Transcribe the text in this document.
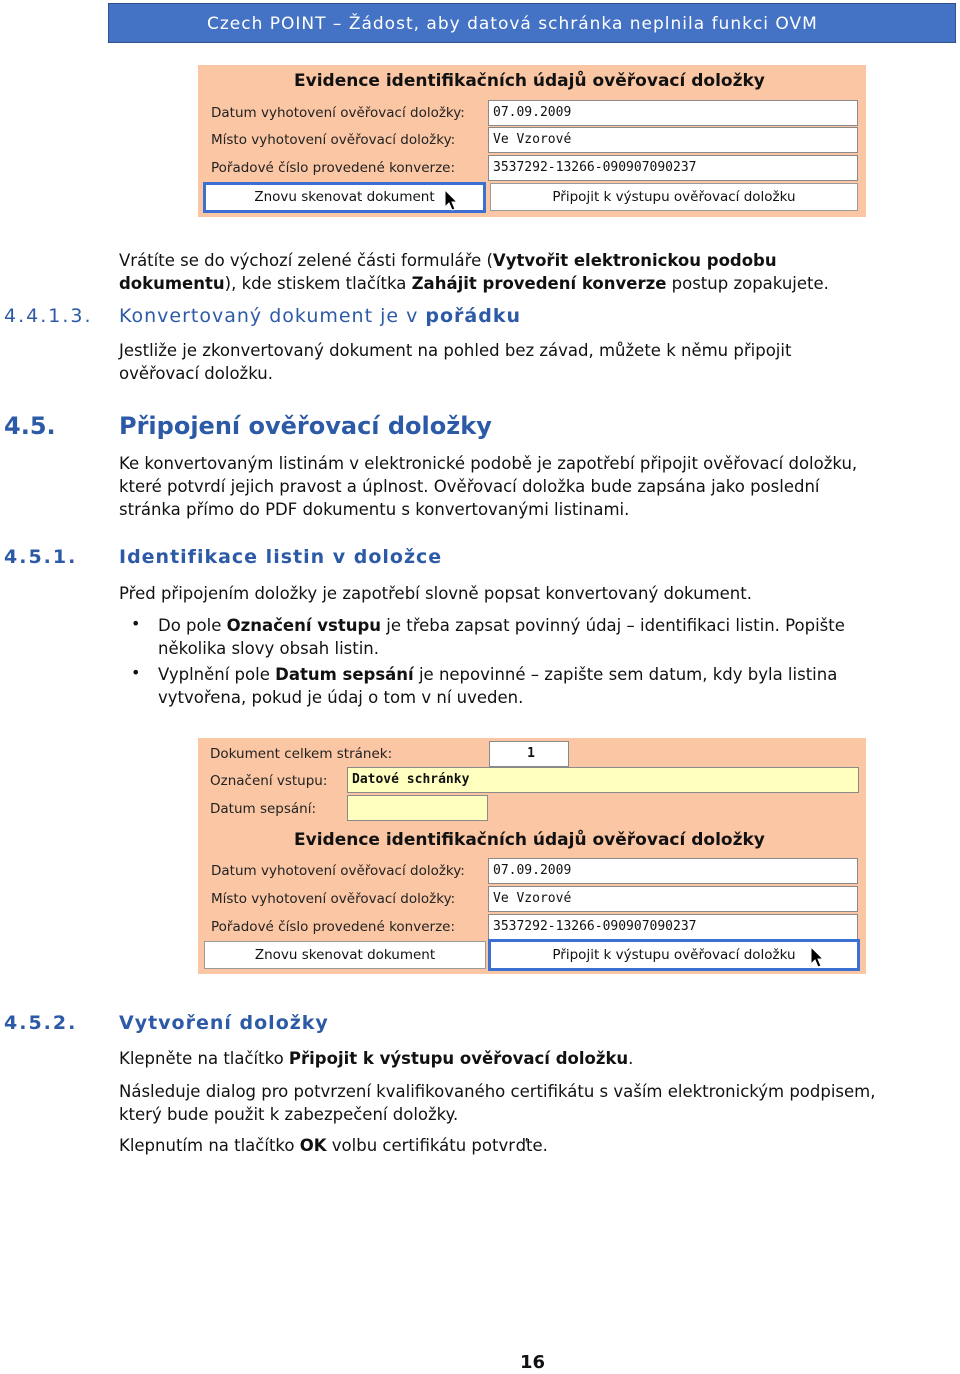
Czech POINT – Žádost, aby datová schránka neplnila funkci OVM
Evidence identifikačních údajů ověřovací doložky
Datum vyhotovení ověřovací doložky:	07.09.2009
Místo vyhotovení ověřovací doložky:	Ve Vzorové
Pořadové číslo provedené konverze:	3537292-13266-090907090237
Znovu skenovat dokument	Připojit k výstupu ověřovací doložku
Vrátíte se do výchozí zelené části formuláře (Vytvořit elektronickou podobu
dokumentu), kde stiskem tlačítka Zahájit provedení konverze postup zopakujete.
4.4.1.3. Konvertovaný dokument je v pořádku
Jestliže je zkonvertovaný dokument na pohled bez závad, můžete k němu připojit
ověřovací doložku.
4.5.	Připojení ověřovací doložky
Ke konvertovaným listinám v elektronické podobě je zapotřebí připojit ověřovací doložku,
které potvrdí jejich pravost a úplnost. Ověřovací doložka bude zapsána jako poslední
stránka přímo do PDF dokumentu s konvertovanými listinami.
4.5.1. Identifikace listin v doložce
Před připojením doložky je zapotřebí slovně popsat konvertovaný dokument.
• Do pole Označení vstupu je třeba zapsat povinný údaj – identifikaci listin. Popište
několika slovy obsah listin.
• Vyplnění pole Datum sepsání je nepovinné – zapište sem datum, kdy byla listina
vytvořena, pokud je údaj o tom v ní uveden.
Dokument celkem stránek:	1
Označení vstupu:	Datové schránky
Datum sepsání:
Evidence identifikačních údajů ověřovací doložky
Datum vyhotovení ověřovací doložky:	07.09.2009
Místo vyhotovení ověřovací doložky:	Ve Vzorové
Pořadové číslo provedené konverze:	3537292-13266-090907090237
Znovu skenovat dokument	Připojit k výstupu ověřovací doložku
4.5.2. Vytvoření doložky
Klepněte na tlačítko Připojit k výstupu ověřovací doložku.
Následuje dialog pro potvrzení kvalifikovaného certifikátu s vaším elektronickým podpisem,
který bude použit k zabezpečení doložky.
Klepnutím na tlačítko OK volbu certifikátu potvrďte.
16
